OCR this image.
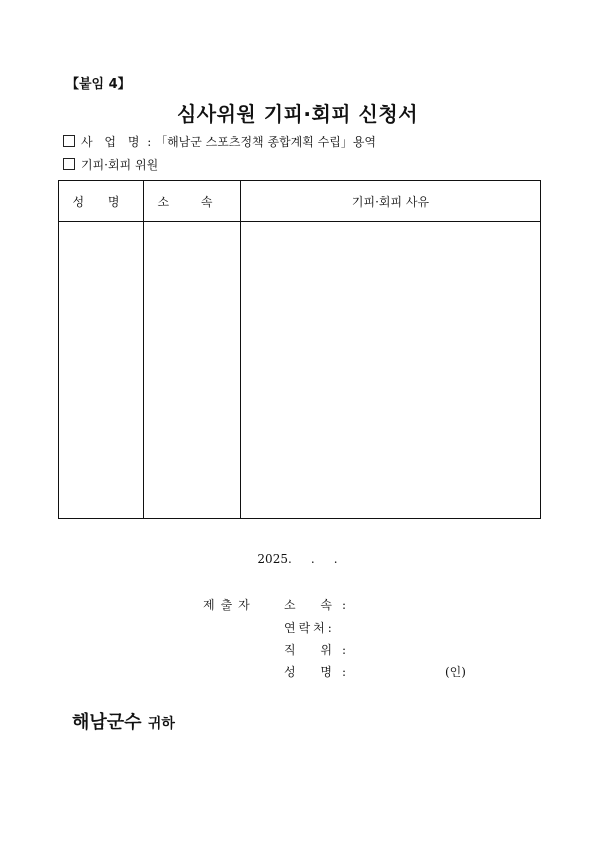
【붙임 4】
심사위원 기피·회피 신청서
사 업 명 : 「해남군 스포츠정책 종합계획 수립」용역
기피·회피 위원
성 명	소 속	기피·회피 사유

2025.     .     .
제출자 소 속:
연락처:
직 위:
성 명:	(인)
해남군수 귀하
